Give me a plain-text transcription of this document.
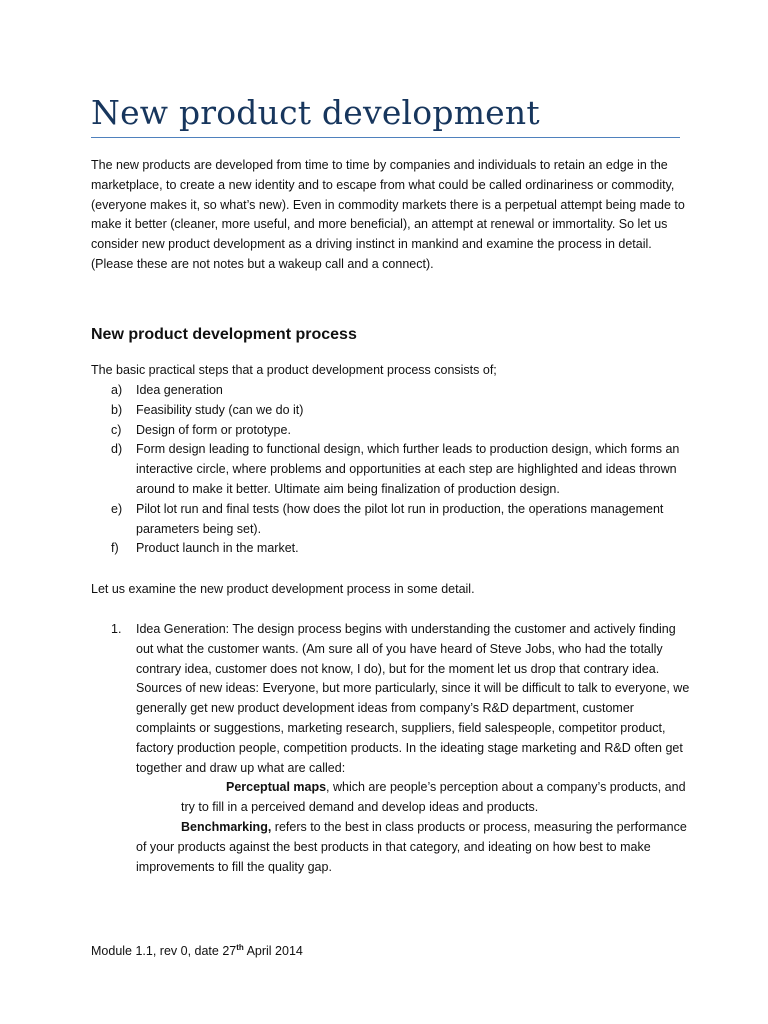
New product development

The new products are developed from time to time by companies and individuals to retain an edge in the marketplace, to create a new identity and to escape from what could be called ordinariness or commodity, (everyone makes it, so what’s new). Even in commodity markets there is a perpetual attempt being made to make it better (cleaner, more useful, and more beneficial), an attempt at renewal or immortality. So let us consider new product development as a driving instinct in mankind and examine the process in detail. (Please these are not notes but a wakeup call and a connect).

New product development process

The basic practical steps that a product development process consists of;

a) Idea generation
b) Feasibility study (can we do it)
c) Design of form or prototype.
d) Form design leading to functional design, which further leads to production design, which forms an interactive circle, where problems and opportunities at each step are highlighted and ideas thrown around to make it better. Ultimate aim being finalization of production design.
e) Pilot lot run and final tests (how does the pilot lot run in production, the operations management parameters being set).
f) Product launch in the market.

Let us examine the new product development process in some detail.

1. Idea Generation: The design process begins with understanding the customer and actively finding out what the customer wants. (Am sure all of you have heard of Steve Jobs, who had the totally contrary idea, customer does not know, I do), but for the moment let us drop that contrary idea.

Sources of new ideas: Everyone, but more particularly, since it will be difficult to talk to everyone, we generally get new product development ideas from company’s R&D department, customer complaints or suggestions, marketing research, suppliers, field salespeople, competitor product, factory production people, competition products. In the ideating stage marketing and R&D often get together and draw up what are called:

Perceptual maps, which are people’s perception about a company’s products, and try to fill in a perceived demand and develop ideas and products.

Benchmarking, refers to the best in class products or process, measuring the performance of your products against the best products in that category, and ideating on how best to make improvements to fill the quality gap.

Module 1.1, rev 0, date 27th April 2014
